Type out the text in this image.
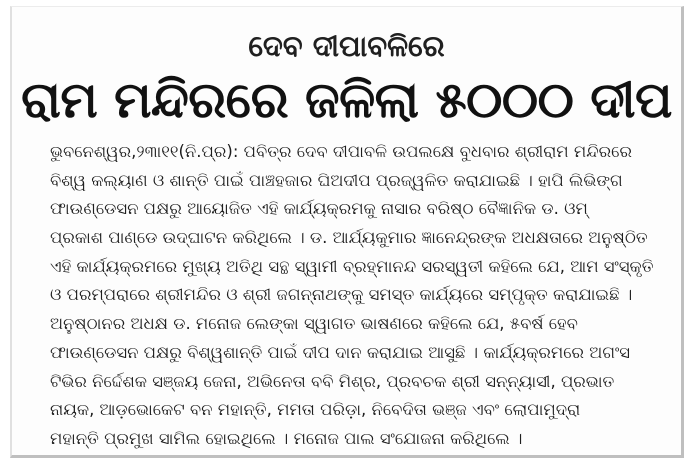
ଦେବ ଦୀପାବଳିରେ
ରାମ ମନ୍ଦିରରେ ଜଳିଲା ୫୦୦୦ ଦୀପ
ଭୁବନେଶ୍ୱର,୨୩ା୧୧(ନି.ପ୍ର): ପବିତ୍ର ଦେବ ଦୀପାବଳି ଉପଲକ୍ଷେ ବୁଧବାର ଶ୍ରୀରାମ ମନ୍ଦିରରେ
ବିଶ୍ୱ କଲ୍ୟାଣ ଓ ଶାନ୍ତି ପାଇଁ ପାଞ୍ଚହଜାର ଘିଅଦୀପ ପ୍ରଜ୍ୱଳିତ କରାଯାଇଛି । ହାପି ଲିଭିଙ୍ଗ
ଫାଉଣ୍ଡେସନ ପକ୍ଷରୁ ଆୟୋଜିତ ଏହି କାର୍ଯ୍ୟକ୍ରମକୁ ନାସାର ବରିଷ୍ଠ ବୈଜ୍ଞାନିକ ଡ. ଓମ୍
ପ୍ରକାଶ ପାଣ୍ଡେ ଉଦ୍‌ଘାଟନ କରିଥିଲେ । ଡ. ଆର୍ଯ୍ୟକୁମାର ଜ୍ଞାନେନ୍ଦ୍ରଙ୍କ ଅଧକ୍ଷତାରେ ଅନୁଷ୍ଠିତ
ଏହି କାର୍ଯ୍ୟକ୍ରମରେ ମୁଖ୍ୟ ଅତିଥି ସନ୍ଥ ସ୍ୱାମୀ ବ୍ରହ୍ମାନନ୍ଦ ସରସ୍ୱତୀ କହିଲେ ଯେ, ଆମ ସଂସ୍କୃତି
ଓ ପରମ୍ପରାରେ ଶ୍ରୀମନ୍ଦିର ଓ ଶ୍ରୀ ଜଗନ୍ନାଥଙ୍କୁ ସମସ୍ତ କାର୍ଯ୍ୟରେ ସମ୍ପୃକ୍ତ କରାଯାଇଛି ।
ଅନୁଷ୍ଠାନର ଅଧକ୍ଷ ଡ. ମନୋଜ ଲେଙ୍କା ସ୍ୱାଗତ ଭାଷଣରେ କହିଲେ ଯେ, ୫ବର୍ଷ ହେବ
ଫାଉଣ୍ଡେସନ ପକ୍ଷରୁ ବିଶ୍ୱଶାନ୍ତି ପାଇଁ ଦୀପ ଦାନ କରାଯାଇ ଆସୁଛି । କାର୍ଯ୍ୟକ୍ରମରେ ଅଗଂସ
ଟିଭିର ନିର୍ଦ୍ଦେଶକ ସଞ୍ଜୟ ଜେନା, ଅଭିନେତା ବବି ମିଶ୍ର, ପ୍ରବଚକ ଶ୍ରୀ ସନ୍ନ୍ୟାସୀ, ପ୍ରଭାତ
ନାୟକ, ଆଡ଼ଭୋକେଟ ବନ ମହାନ୍ତି, ମମତା ପରିଡ଼ା, ନିବେଦିତା ଭଞ୍ଜ ଏବଂ ଲୋପାମୁଦ୍ରା
ମହାନ୍ତି ପ୍ରମୁଖ ସାମିଲ ହୋଇଥିଲେ । ମନୋଜ ପାଲ ସଂଯୋଜନା କରିଥିଲେ ।
